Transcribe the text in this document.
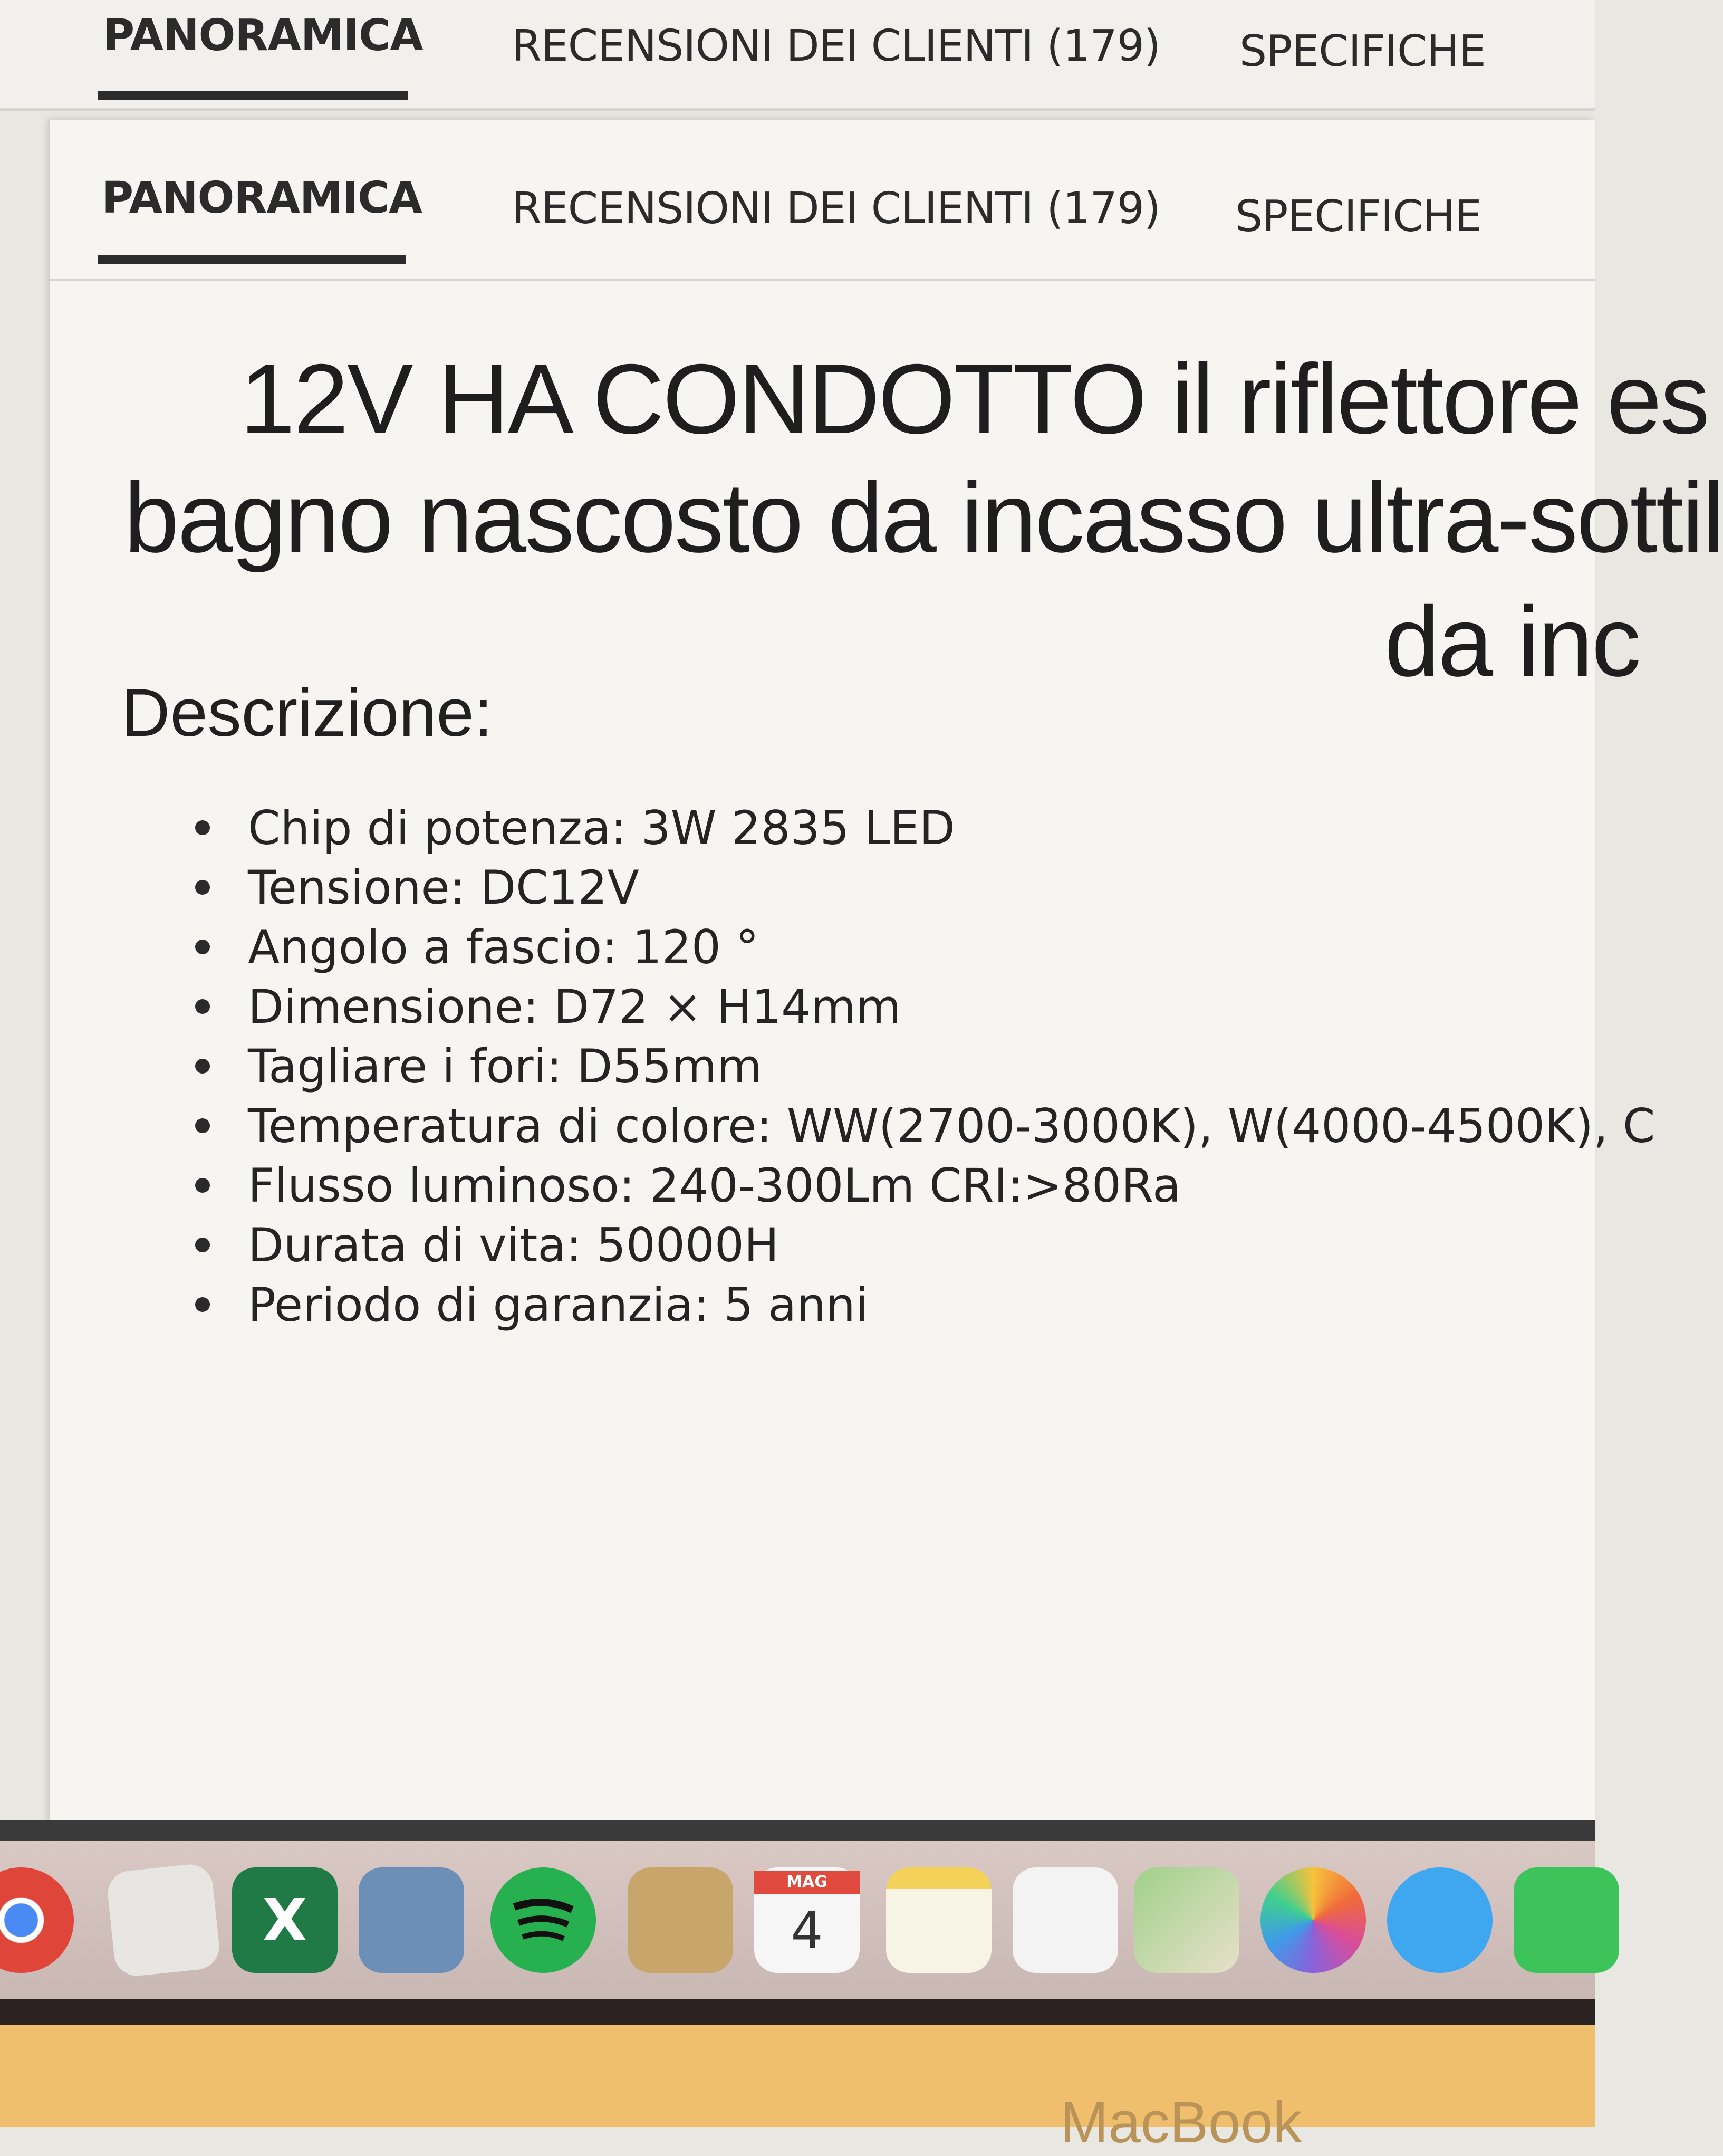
PANORAMICA RECENSIONI DEI CLIENTI (179) SPECIFICHE
PANORAMICA RECENSIONI DEI CLIENTI (179) SPECIFICHE
12V HA CONDOTTO il riflettore es
bagno nascosto da incasso ultra-sottil
da inc
Descrizione:
Chip di potenza: 3W 2835 LED
Tensione: DC12V
Angolo a fascio: 120 °
Dimensione: D72 × H14mm
Tagliare i fori: D55mm
Temperatura di colore: WW(2700-3000K), W(4000-4500K), C
Flusso luminoso: 240-300Lm CRI:>80Ra
Durata di vita: 50000H
Periodo di garanzia: 5 anni
X
MAG
4
MacBook
